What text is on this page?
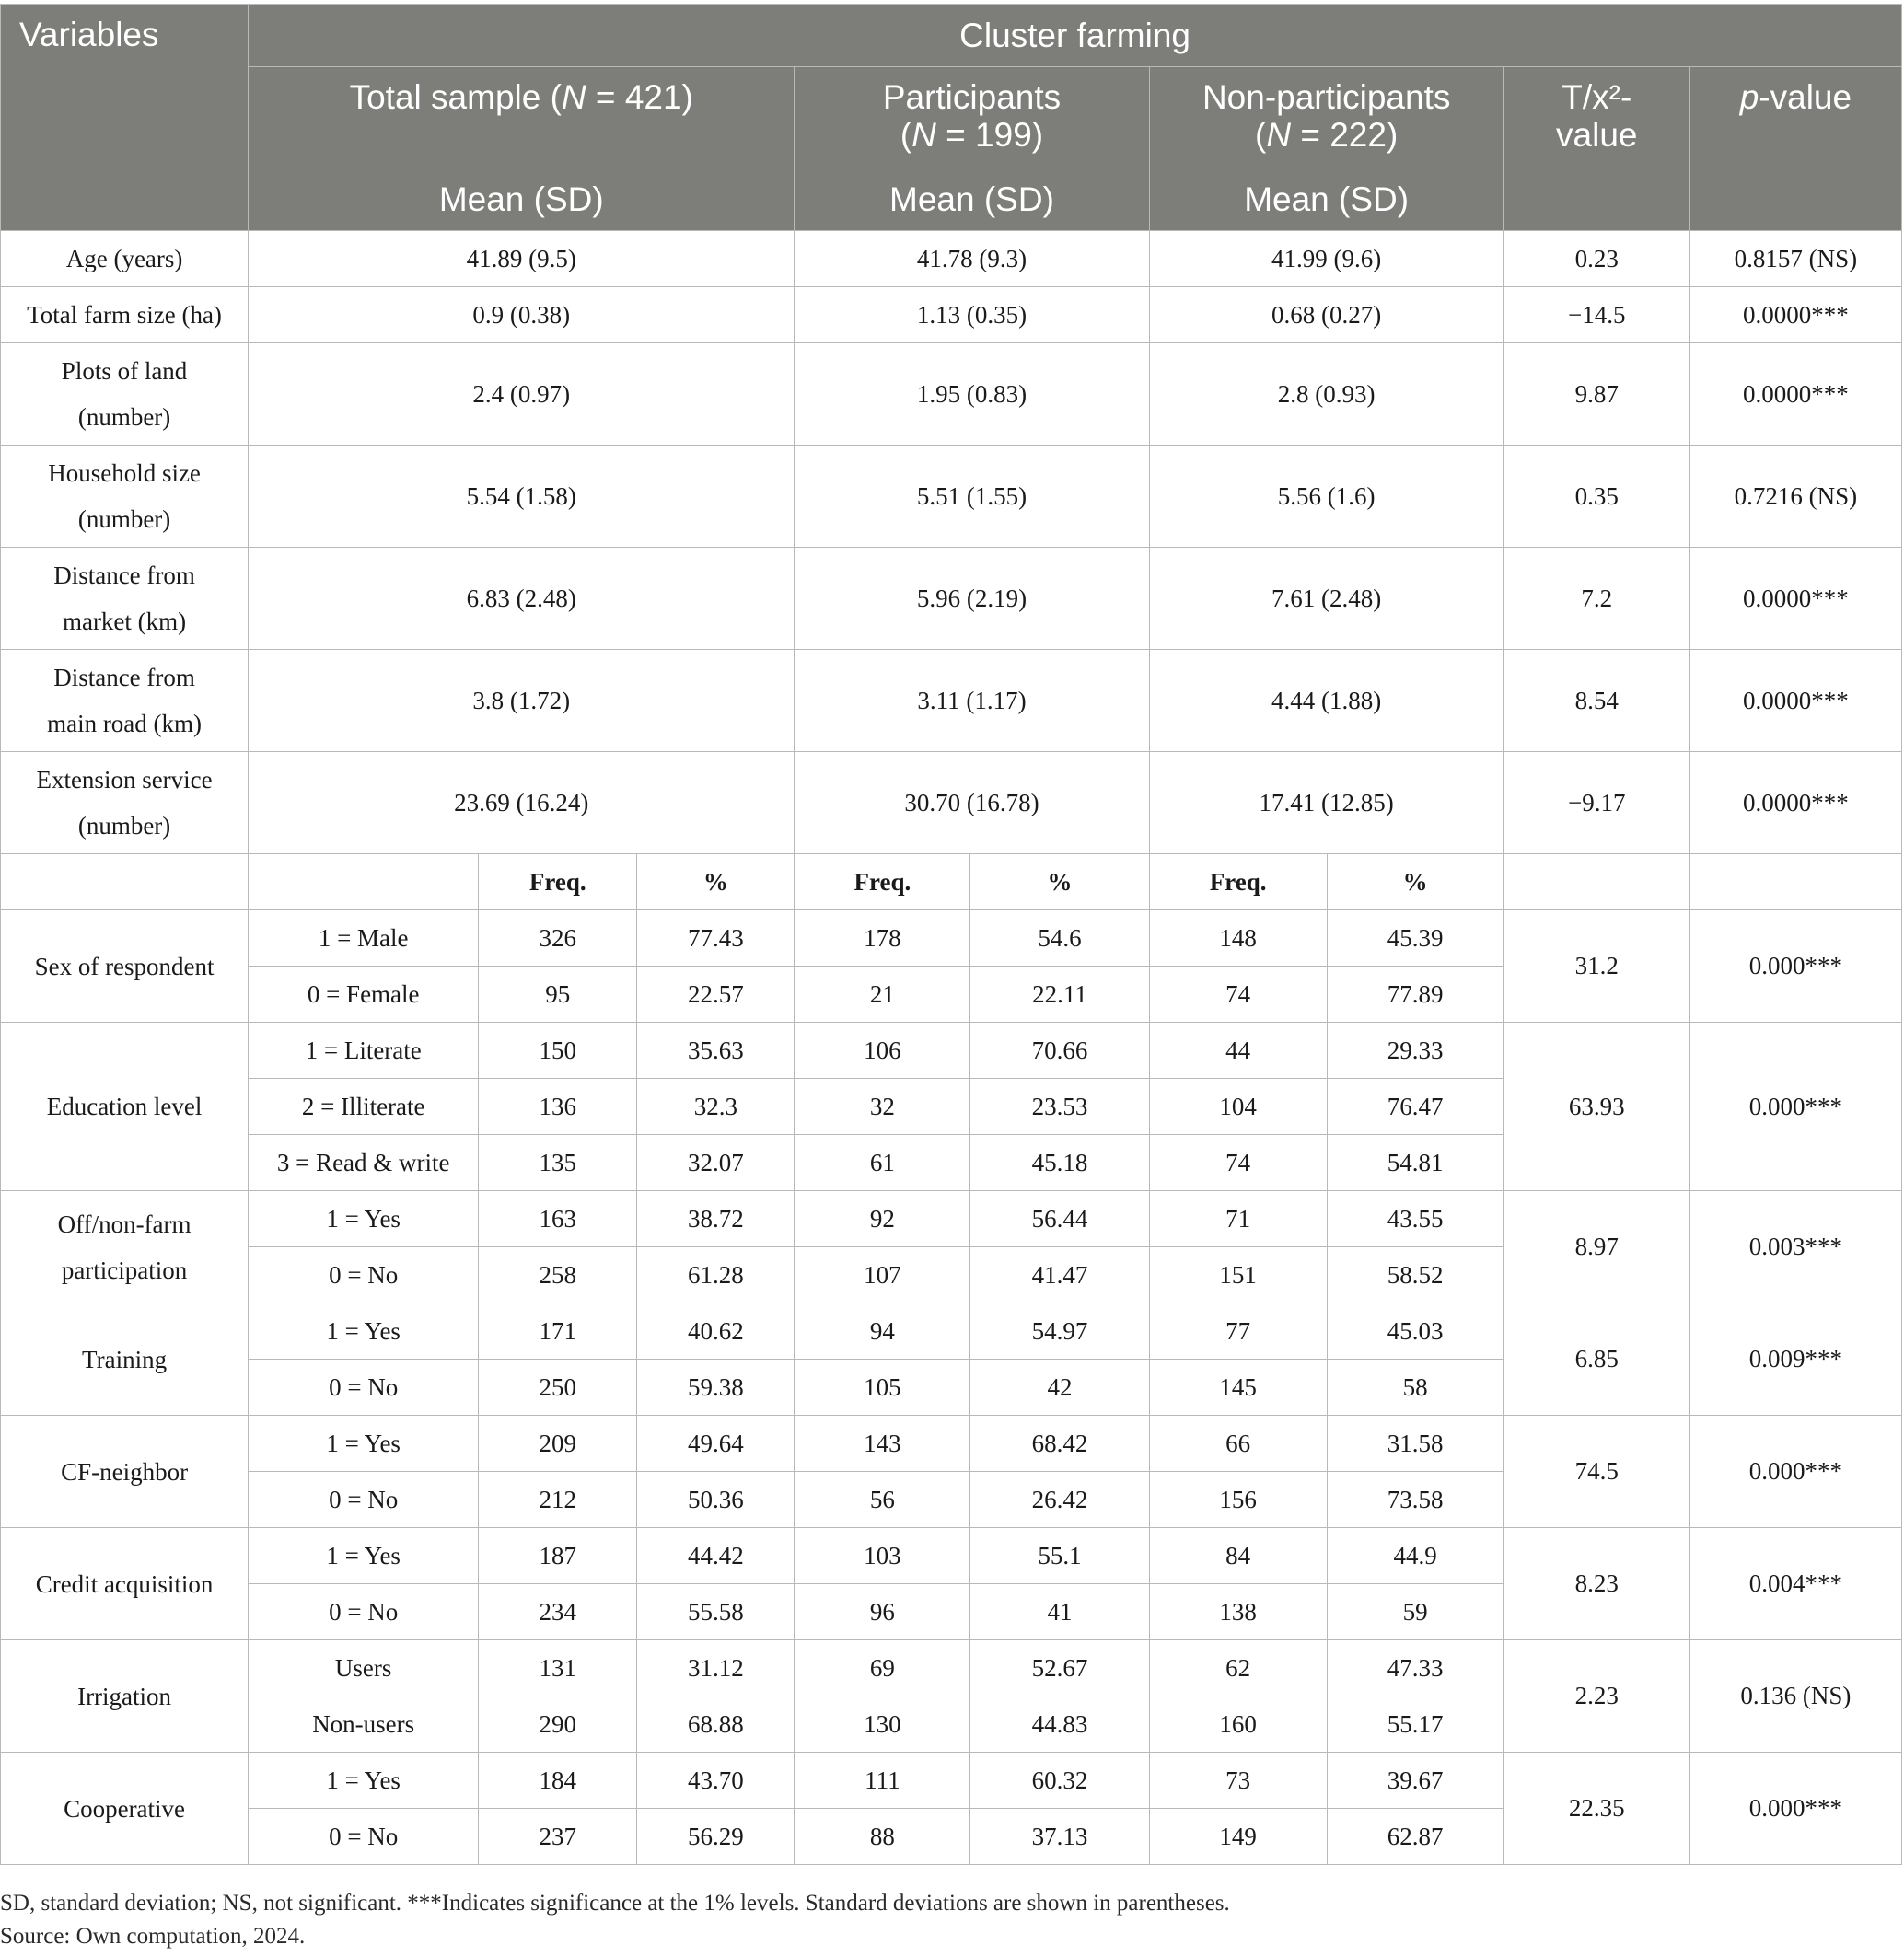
Variables	Cluster farming								
	Total sample (N = 421)			Participants
(N = 199)		Non-participants
(N = 222)		T/x²-
value	p-value
	Mean (SD)			Mean (SD)		Mean (SD)			
Age (years)	41.89 (9.5)			41.78 (9.3)		41.99 (9.6)		0.23	0.8157 (NS)
Total farm size (ha)	0.9 (0.38)			1.13 (0.35)		0.68 (0.27)		−14.5	0.0000***
Plots of land
(number)	2.4 (0.97)			1.95 (0.83)		2.8 (0.93)		9.87	0.0000***
Household size
(number)	5.54 (1.58)			5.51 (1.55)		5.56 (1.6)		0.35	0.7216 (NS)
Distance from
market (km)	6.83 (2.48)			5.96 (2.19)		7.61 (2.48)		7.2	0.0000***
Distance from
main road (km)	3.8 (1.72)			3.11 (1.17)		4.44 (1.88)		8.54	0.0000***
Extension service
(number)	23.69 (16.24)			30.70 (16.78)		17.41 (12.85)		−9.17	0.0000***
		Freq.	%	Freq.	%	Freq.	%		
Sex of respondent	1 = Male	326	77.43	178	54.6	148	45.39	31.2	0.000***
	0 = Female	95	22.57	21	22.11	74	77.89		
Education level	1 = Literate	150	35.63	106	70.66	44	29.33	63.93	0.000***
	2 = Illiterate	136	32.3	32	23.53	104	76.47		
	3 = Read & write	135	32.07	61	45.18	74	54.81		
Off/non-farm
participation	1 = Yes	163	38.72	92	56.44	71	43.55	8.97	0.003***
	0 = No	258	61.28	107	41.47	151	58.52		
Training	1 = Yes	171	40.62	94	54.97	77	45.03	6.85	0.009***
	0 = No	250	59.38	105	42	145	58		
CF-neighbor	1 = Yes	209	49.64	143	68.42	66	31.58	74.5	0.000***
	0 = No	212	50.36	56	26.42	156	73.58		
Credit acquisition	1 = Yes	187	44.42	103	55.1	84	44.9	8.23	0.004***
	0 = No	234	55.58	96	41	138	59		
Irrigation	Users	131	31.12	69	52.67	62	47.33	2.23	0.136 (NS)
	Non-users	290	68.88	130	44.83	160	55.17		
Cooperative	1 = Yes	184	43.70	111	60.32	73	39.67	22.35	0.000***
	0 = No	237	56.29	88	37.13	149	62.87		
SD, standard deviation; NS, not significant. ***Indicates significance at the 1% levels. Standard deviations are shown in parentheses.
Source: Own computation, 2024.
